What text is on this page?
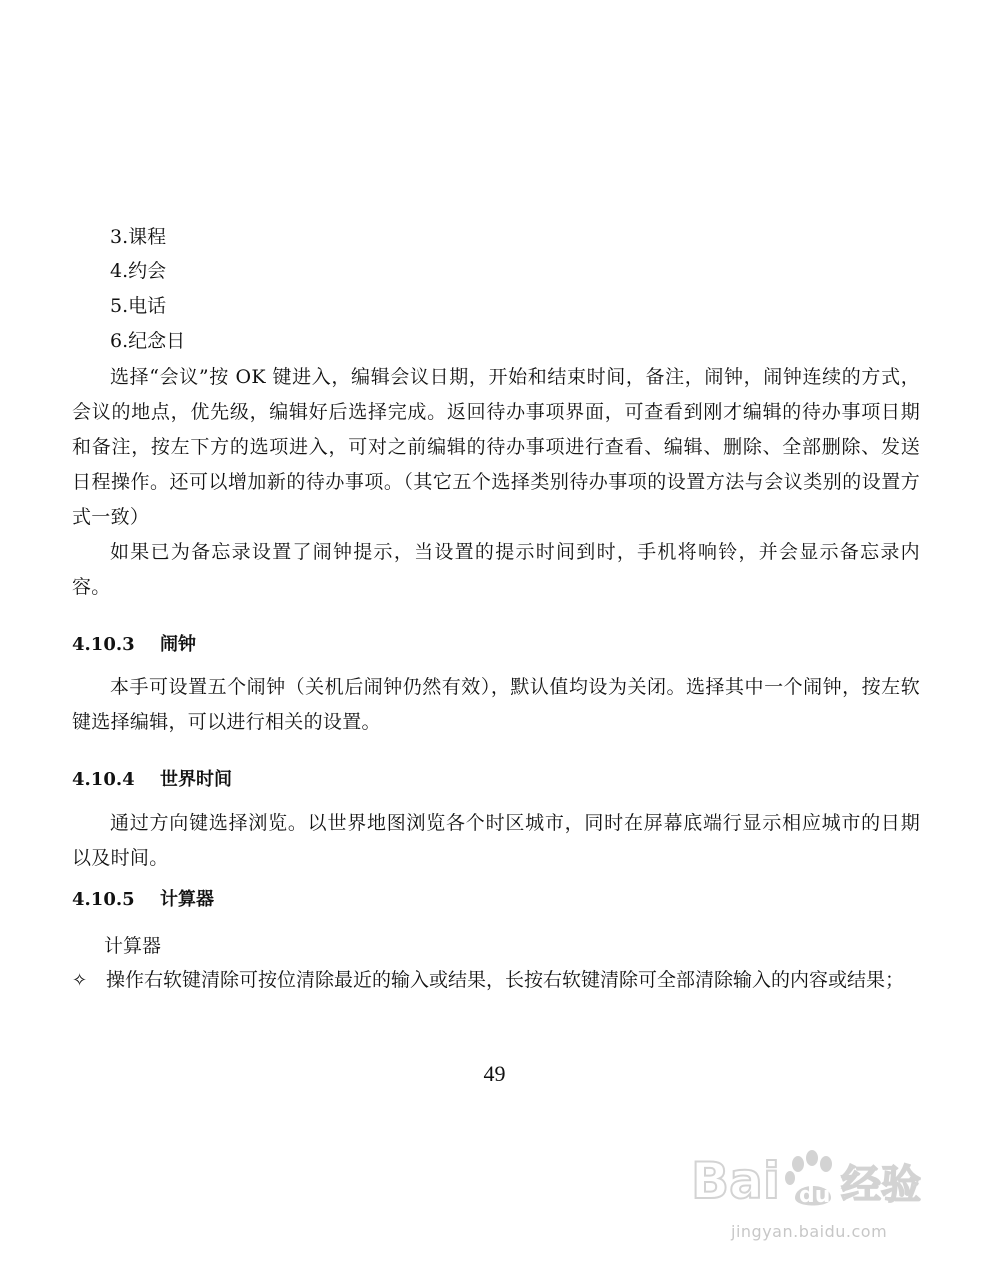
3.课程
4.约会
5.电话
6.纪念日
选择“会议”按 OK 键进入，编辑会议日期，开始和结束时间，备注，闹钟，闹钟连续的方式，会议的地点，优先级，编辑好后选择完成。返回待办事项界面，可查看到刚才编辑的待办事项日期和备注，按左下方的选项进入，可对之前编辑的待办事项进行查看、编辑、删除、全部删除、发送日程操作。还可以增加新的待办事项。（其它五个选择类别待办事项的设置方法与会议类别的设置方式一致）
如果已为备忘录设置了闹钟提示，当设置的提示时间到时，手机将响铃，并会显示备忘录内容。
4.10.3 闹钟
本手可设置五个闹钟（关机后闹钟仍然有效），默认值均设为关闭。选择其中一个闹钟，按左软键选择编辑，可以进行相关的设置。
4.10.4 世界时间
通过方向键选择浏览。以世界地图浏览各个时区城市，同时在屏幕底端行显示相应城市的日期以及时间。
4.10.5 计算器
计算器
✧ 操作右软键清除可按位清除最近的输入或结果，长按右软键清除可全部清除输入的内容或结果；
49
Bai du 经验
jingyan.baidu.com
